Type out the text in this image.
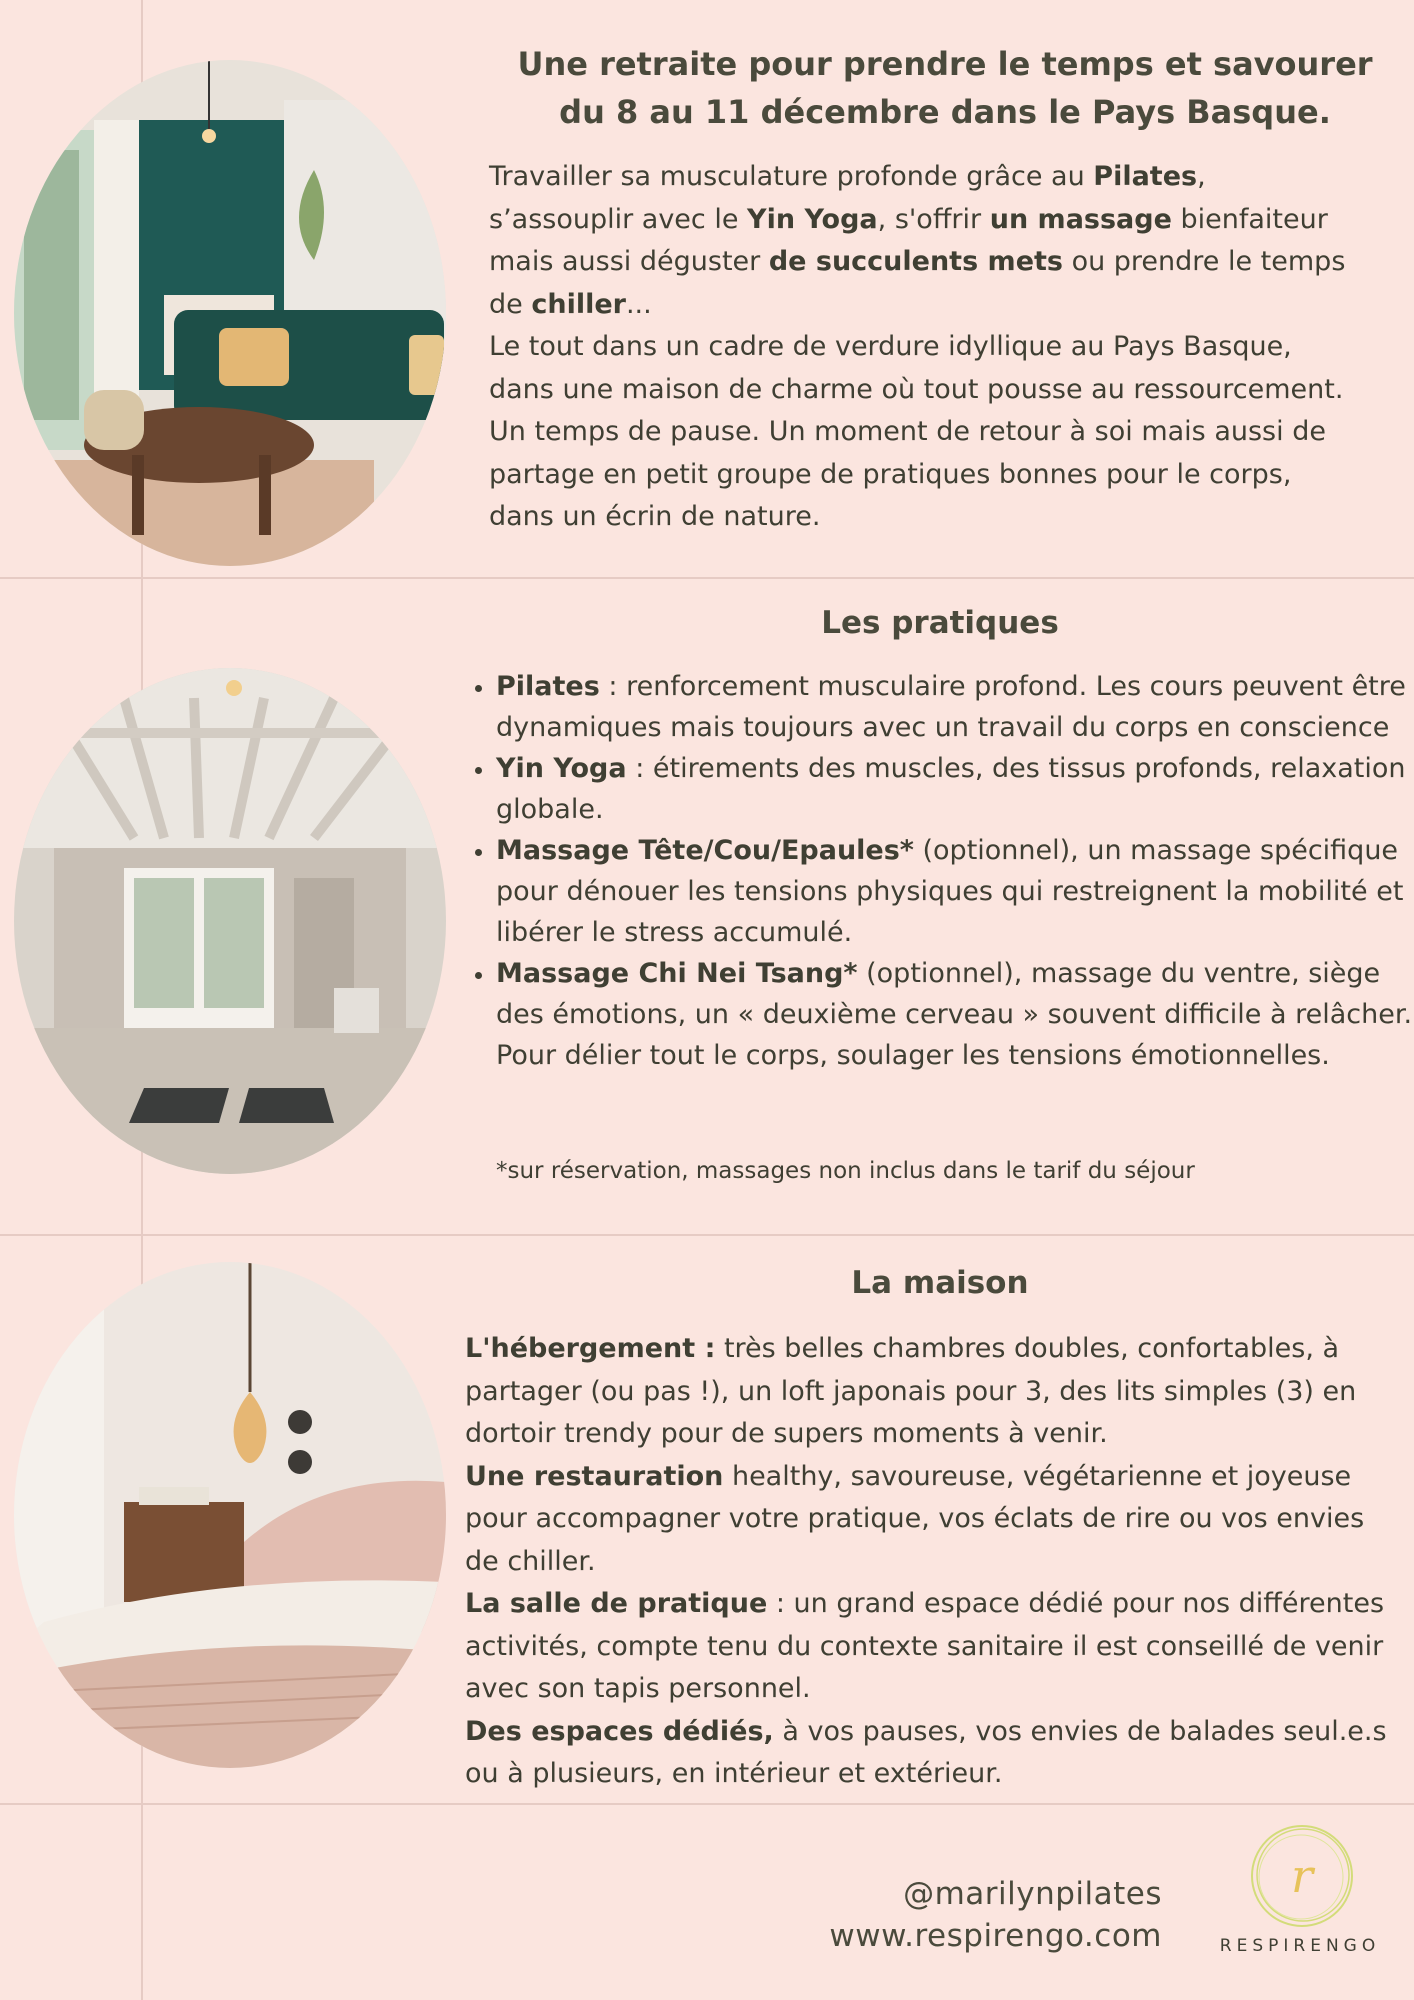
Une retraite pour prendre le temps et savourer
du 8 au 11 décembre dans le Pays Basque.

Travailler sa musculature profonde grâce au Pilates,
s’assouplir avec le Yin Yoga, s'offrir un massage bienfaiteur
mais aussi déguster de succulents mets ou prendre le temps
de chiller...
Le tout dans un cadre de verdure idyllique au Pays Basque,
dans une maison de charme où tout pousse au ressourcement.
Un temps de pause. Un moment de retour à soi mais aussi de
partage en petit groupe de pratiques bonnes pour le corps,
dans un écrin de nature.

Les pratiques
• Pilates : renforcement musculaire profond. Les cours peuvent être dynamiques mais toujours avec un travail du corps en conscience
• Yin Yoga : étirements des muscles, des tissus profonds, relaxation globale.
• Massage Tête/Cou/Epaules* (optionnel), un massage spécifique pour dénouer les tensions physiques qui restreignent la mobilité et libérer le stress accumulé.
• Massage Chi Nei Tsang* (optionnel), massage du ventre, siège des émotions, un « deuxième cerveau » souvent difficile à relâcher. Pour délier tout le corps, soulager les tensions émotionnelles.

*sur réservation, massages non inclus dans le tarif du séjour

La maison
L'hébergement : très belles chambres doubles, confortables, à partager (ou pas !), un loft japonais pour 3, des lits simples (3) en dortoir trendy pour de supers moments à venir.
Une restauration healthy, savoureuse, végétarienne et joyeuse pour accompagner votre pratique, vos éclats de rire ou vos envies de chiller.
La salle de pratique : un grand espace dédié pour nos différentes activités, compte tenu du contexte sanitaire il est conseillé de venir avec son tapis personnel.
Des espaces dédiés, à vos pauses, vos envies de balades seul.e.s ou à plusieurs, en intérieur et extérieur.

@marilynpilates

www.respirengo.com

r

RESPIRENGO
